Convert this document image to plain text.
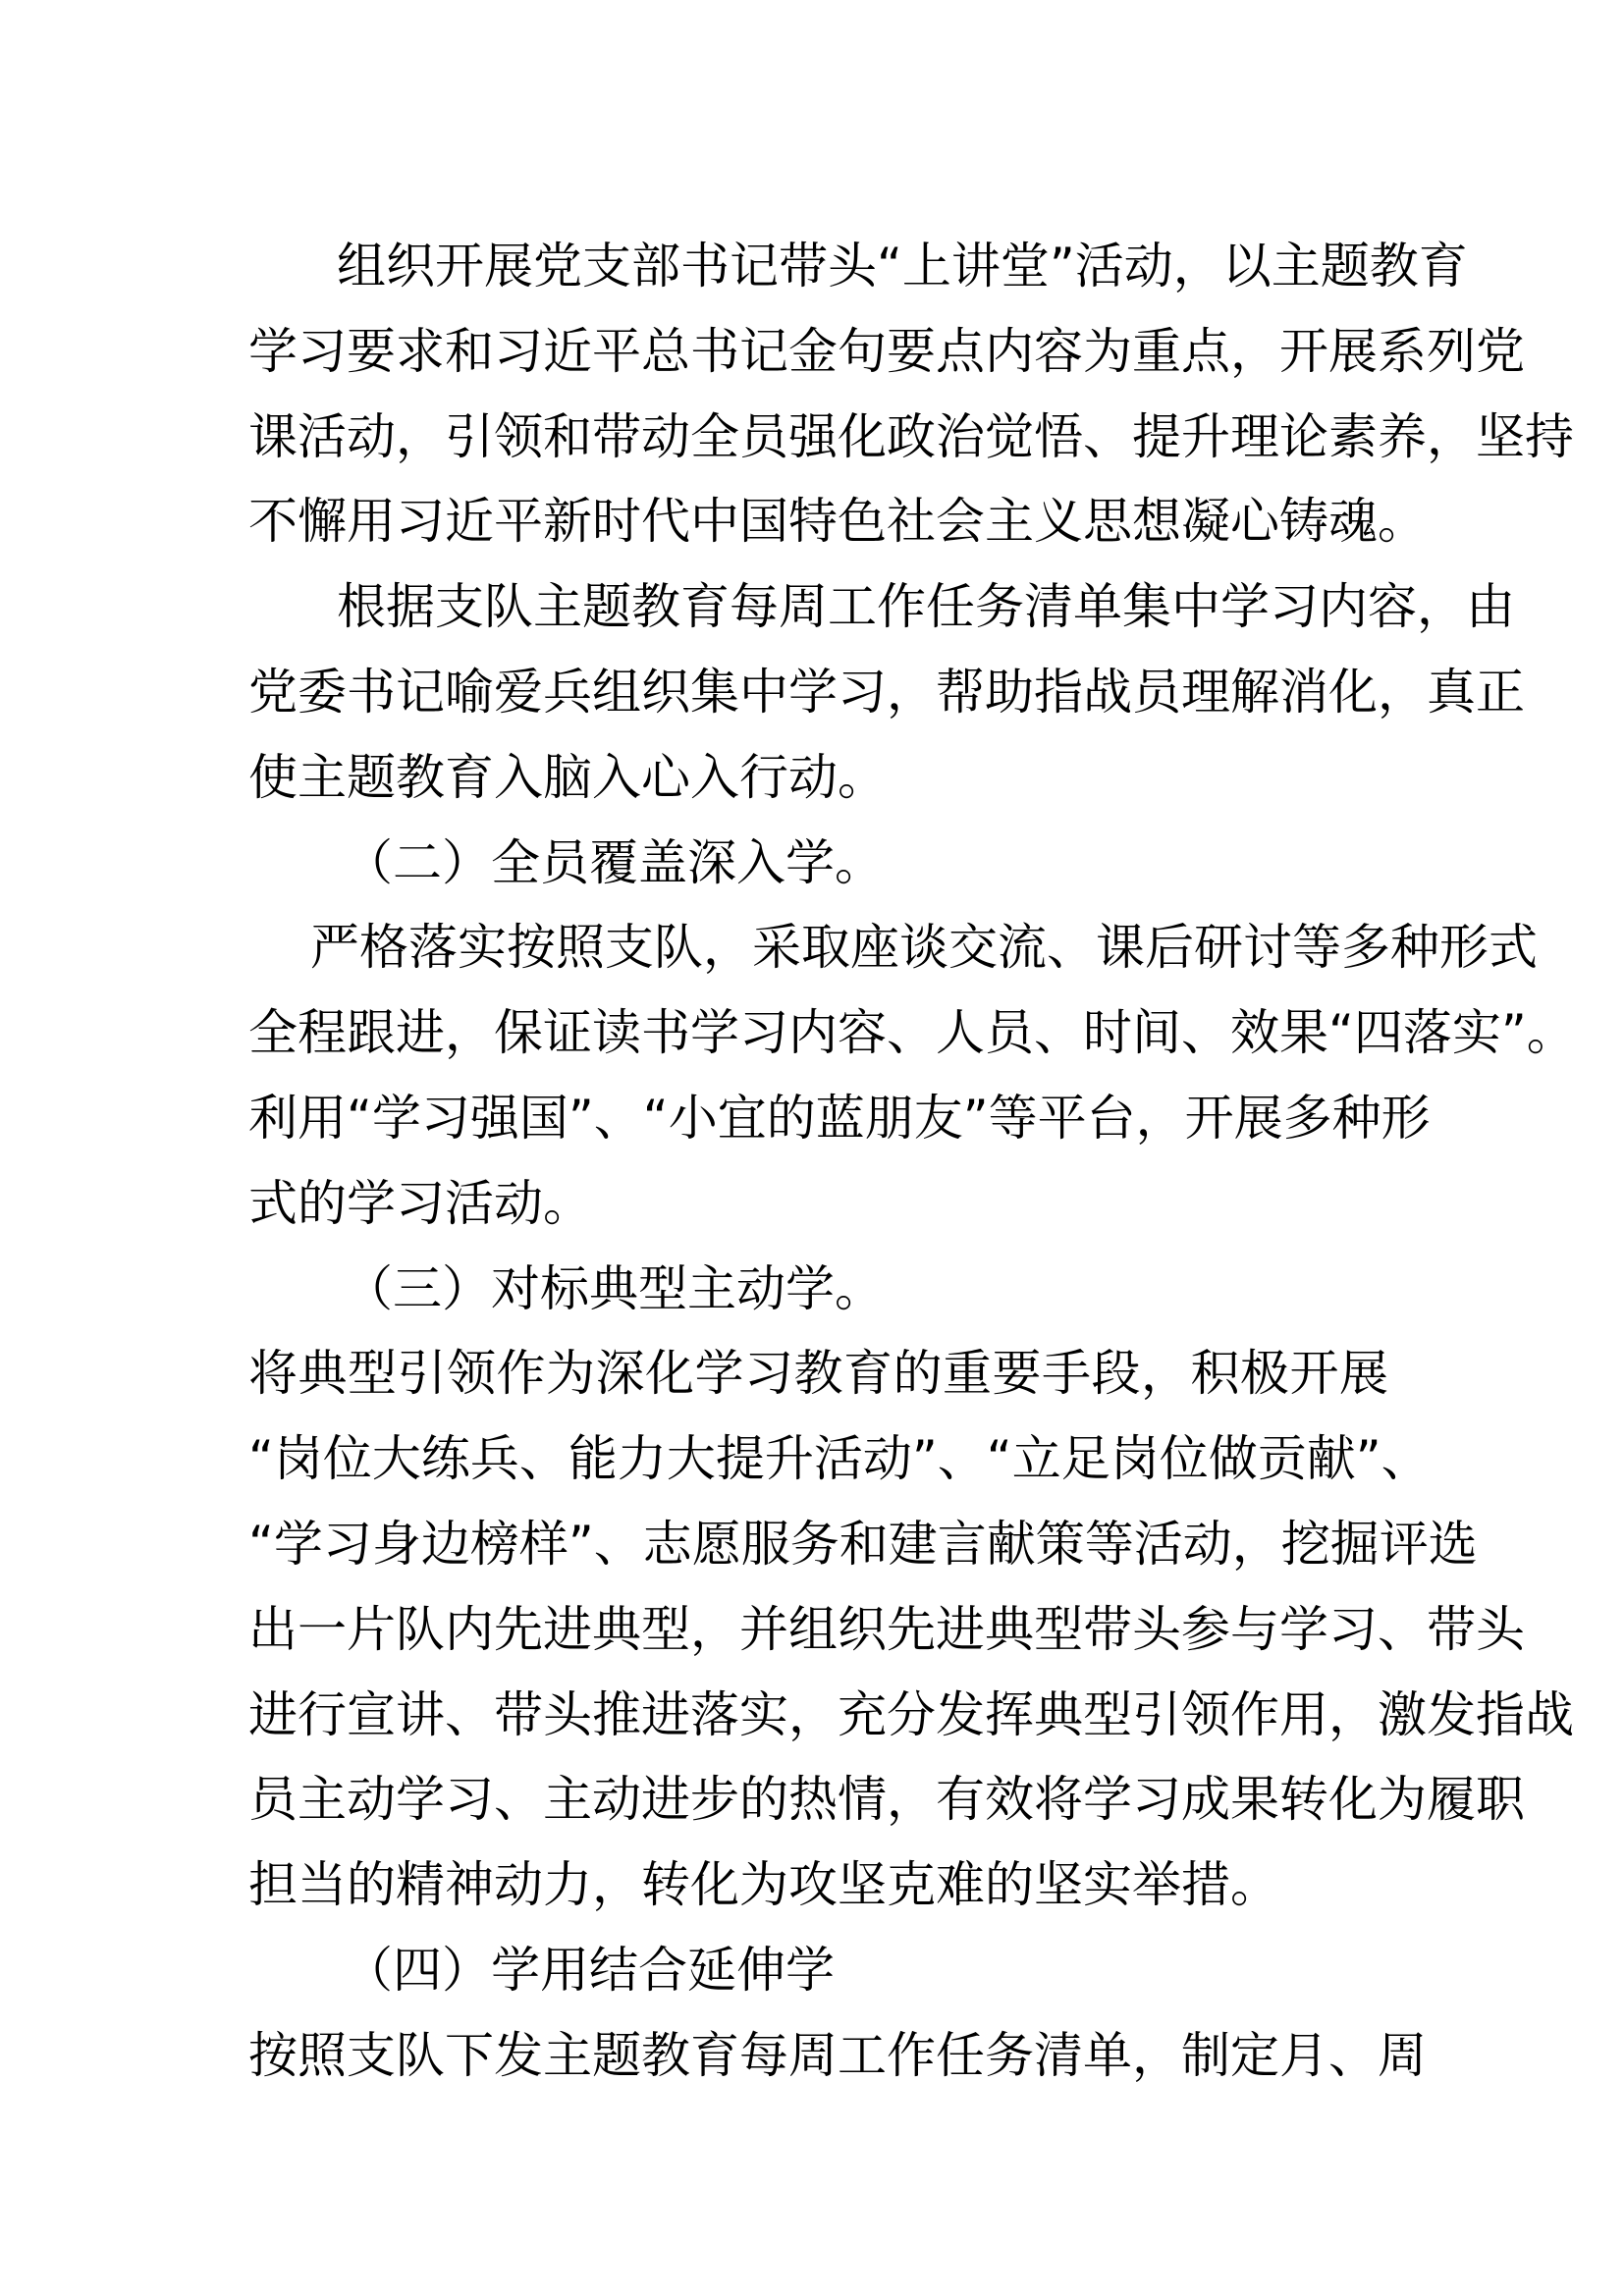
组织开展党支部书记带头“上讲堂”活动，以主题教育
学习要求和习近平总书记金句要点内容为重点，开展系列党
课活动，引领和带动全员强化政治觉悟、提升理论素养，坚持
不懈用习近平新时代中国特色社会主义思想凝心铸魂。
根据支队主题教育每周工作任务清单集中学习内容，由
党委书记喻爱兵组织集中学习，帮助指战员理解消化，真正
使主题教育入脑入心入行动。
（二）全员覆盖深入学。
严格落实按照支队，采取座谈交流、课后研讨等多种形式
全程跟进，保证读书学习内容、人员、时间、效果“四落实”。
利用“学习强国”、“小宜的蓝朋友”等平台，开展多种形
式的学习活动。
（三）对标典型主动学。
将典型引领作为深化学习教育的重要手段，积极开展
“岗位大练兵、能力大提升活动”、“立足岗位做贡献”、
“学习身边榜样”、志愿服务和建言献策等活动，挖掘评选
出一片队内先进典型，并组织先进典型带头参与学习、带头
进行宣讲、带头推进落实，充分发挥典型引领作用，激发指战
员主动学习、主动进步的热情，有效将学习成果转化为履职
担当的精神动力，转化为攻坚克难的坚实举措。
（四）学用结合延伸学
按照支队下发主题教育每周工作任务清单，制定月、周
